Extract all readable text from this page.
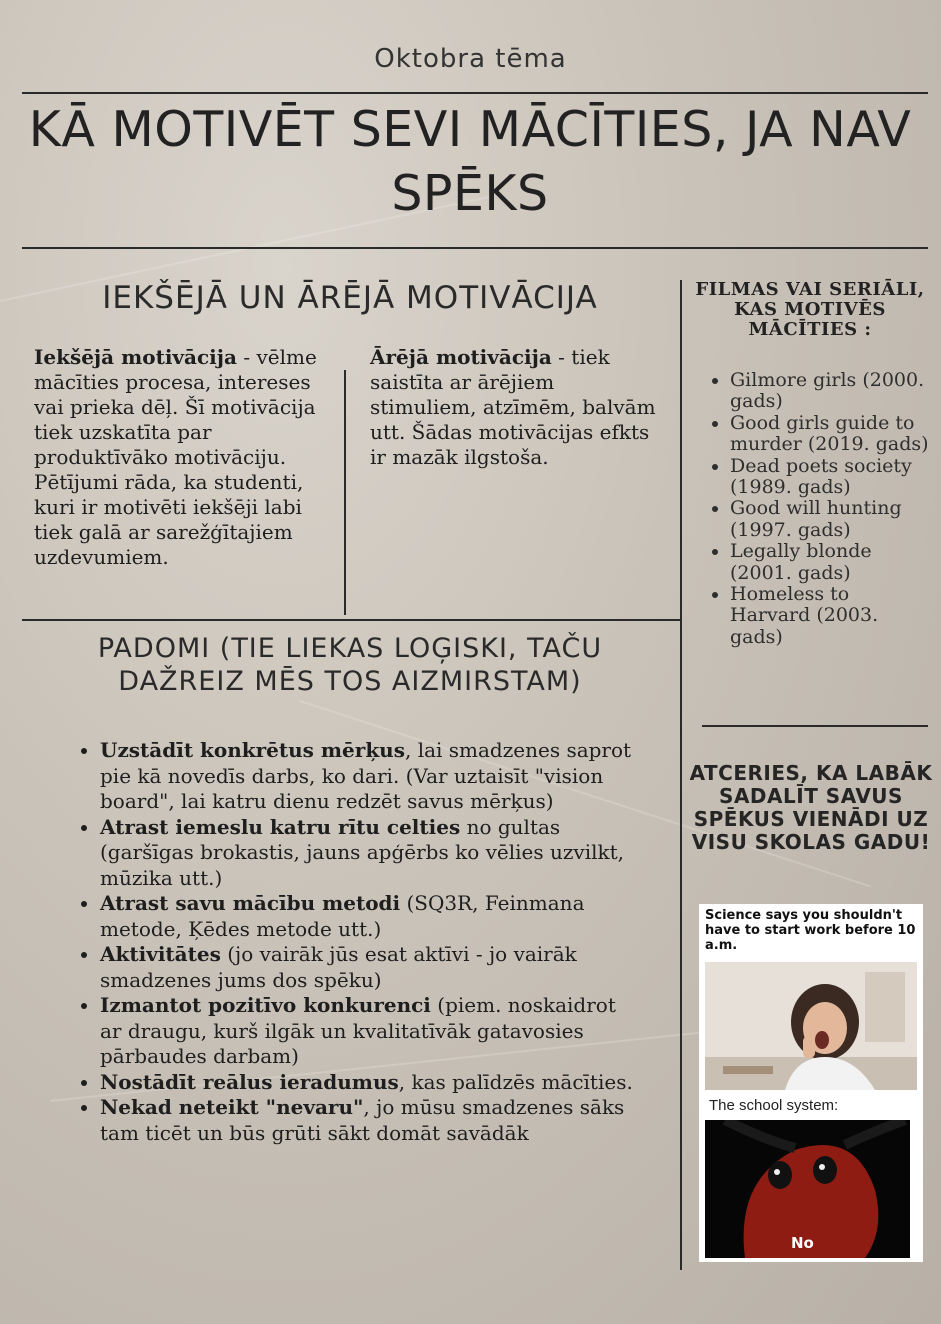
Oktobra tēma
KĀ MOTIVĒT SEVI MĀCĪTIES, JA NAV SPĒKS
IEKŠĒJĀ UN ĀRĒJĀ MOTIVĀCIJA
Iekšējā motivācija - vēlme mācīties procesa, intereses vai prieka dēļ. Šī motivācija tiek uzskatīta par produktīvāko motivāciju. Pētījumi rāda, ka studenti, kuri ir motivēti iekšēji labi tiek galā ar sarežģītajiem uzdevumiem.
Ārējā motivācija - tiek saistīta ar ārējiem stimuliem, atzīmēm, balvām utt. Šādas motivācijas efkts ir mazāk ilgstoša.
PADOMI (TIE LIEKAS LOĢISKI, TAČU DAŽREIZ MĒS TOS AIZMIRSTAM)
• Uzstādīt konkrētus mērķus, lai smadzenes saprot pie kā novedīs darbs, ko dari. (Var uztaisīt "vision board", lai katru dienu redzēt savus mērķus)
• Atrast iemeslu katru rītu celties no gultas (garšīgas brokastis, jauns apģērbs ko vēlies uzvilkt, mūzika utt.)
• Atrast savu mācību metodi (SQ3R, Feinmana metode, Ķēdes metode utt.)
• Aktivitātes (jo vairāk jūs esat aktīvi - jo vairāk smadzenes jums dos spēku)
• Izmantot pozitīvo konkurenci (piem. noskaidrot ar draugu, kurš ilgāk un kvalitatīvāk gatavosies pārbaudes darbam)
• Nostādīt reālus ieradumus, kas palīdzēs mācīties.
• Nekad neteikt "nevaru", jo mūsu smadzenes sāks tam ticēt un būs grūti sākt domāt savādāk
FILMAS VAI SERIĀLI, KAS MOTIVĒS MĀCĪTIES :
• Gilmore girls (2000. gads)
• Good girls guide to murder (2019. gads)
• Dead poets society (1989. gads)
• Good will hunting (1997. gads)
• Legally blonde (2001. gads)
• Homeless to Harvard (2003. gads)
ATCERIES, KA LABĀK SADALĪT SAVUS SPĒKUS VIENĀDI UZ VISU SKOLAS GADU!
Science says you shouldn't have to start work before 10 a.m.
The school system:
No
